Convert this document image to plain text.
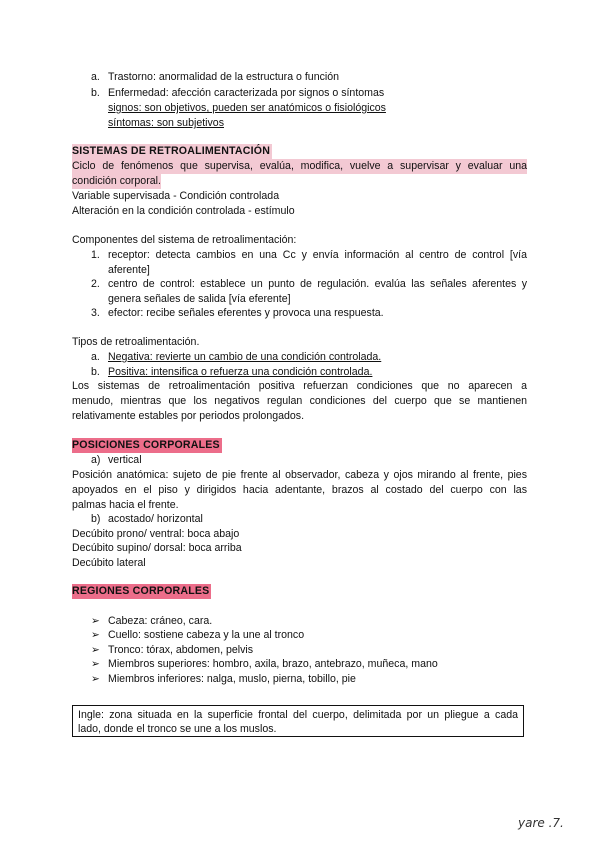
a. Trastorno: anormalidad de la estructura o función
b. Enfermedad: afección caracterizada por signos o síntomas
signos: son objetivos, pueden ser anatómicos o fisiológicos
síntomas: son subjetivos
SISTEMAS DE RETROALIMENTACIÓN
Ciclo de fenómenos que supervisa, evalúa, modifica, vuelve a supervisar y evaluar una
condición corporal.
Variable supervisada - Condición controlada
Alteración en la condición controlada - estímulo
Componentes del sistema de retroalimentación:
1. receptor: detecta cambios en una Cc y envía información al centro de control [vía
aferente]
2. centro de control: establece un punto de regulación. evalúa las señales aferentes y
genera señales de salida [vía eferente]
3. efector: recibe señales eferentes y provoca una respuesta.
Tipos de retroalimentación.
a. Negativa: revierte un cambio de una condición controlada.
b. Positiva: intensifica o refuerza una condición controlada.
Los sistemas de retroalimentación positiva refuerzan condiciones que no aparecen a
menudo, mientras que los negativos regulan condiciones del cuerpo que se mantienen
relativamente estables por periodos prolongados.
POSICIONES CORPORALES
a) vertical
Posición anatómica: sujeto de pie frente al observador, cabeza y ojos mirando al frente, pies
apoyados en el piso y dirigidos hacia adentante, brazos al costado del cuerpo con las
palmas hacia el frente.
b) acostado/ horizontal
Decúbito prono/ ventral: boca abajo
Decúbito supino/ dorsal: boca arriba
Decúbito lateral
REGIONES CORPORALES
➢ Cabeza: cráneo, cara.
➢ Cuello: sostiene cabeza y la une al tronco
➢ Tronco: tórax, abdomen, pelvis
➢ Miembros superiores: hombro, axila, brazo, antebrazo, muñeca, mano
➢ Miembros inferiores: nalga, muslo, pierna, tobillo, pie
Ingle: zona situada en la superficie frontal del cuerpo, delimitada por un pliegue a cada
lado, donde el tronco se une a los muslos.
yare .7.
